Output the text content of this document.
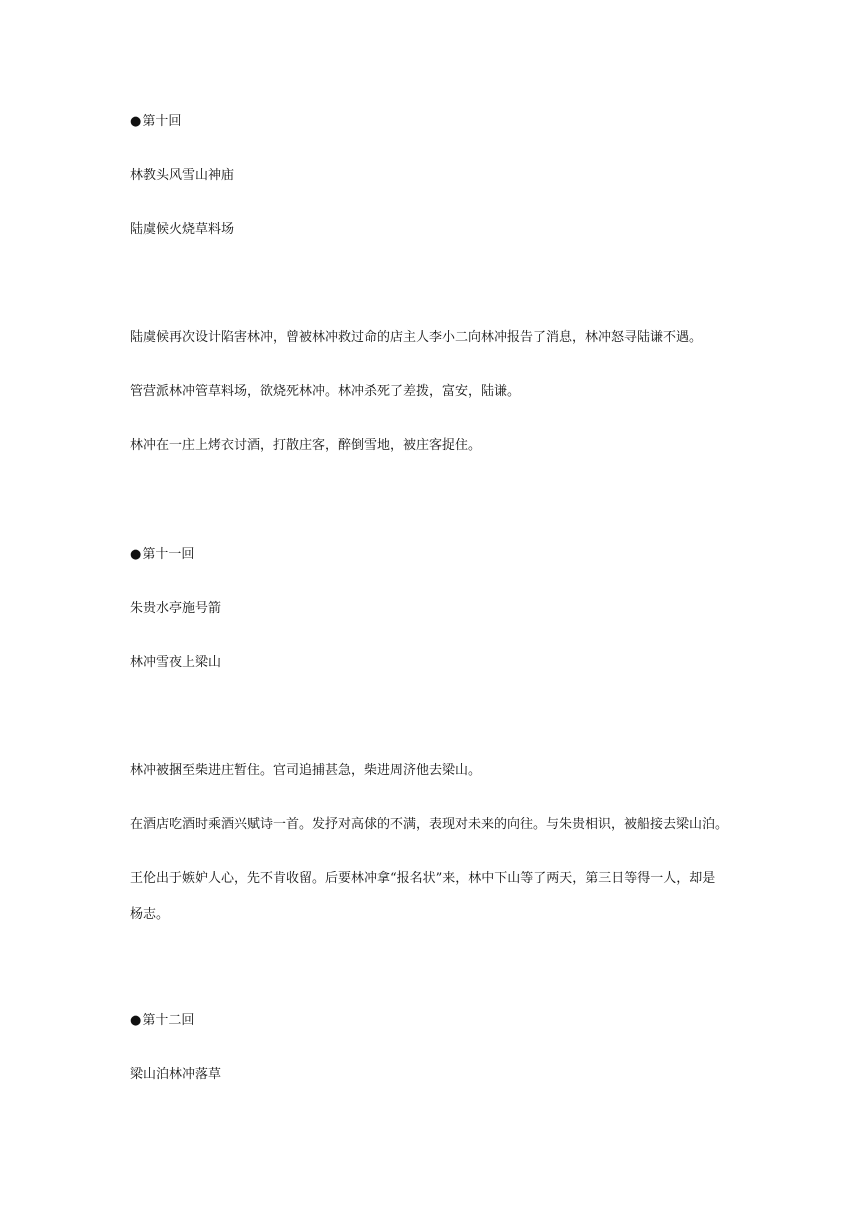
● 第十回

林教头风雪山神庙

陆虞候火烧草料场

陆虞候再次设计陷害林冲，曾被林冲救过命的店主人李小二向林冲报告了消息，林冲怒寻陆谦不遇。

管营派林冲管草料场，欲烧死林冲。林冲杀死了差拨，富安，陆谦。

林冲在一庄上烤衣讨酒，打散庄客，醉倒雪地，被庄客捉住。

● 第十一回

朱贵水亭施号箭

林冲雪夜上梁山

林冲被捆至柴进庄暂住。官司追捕甚急，柴进周济他去梁山。

在酒店吃酒时乘酒兴赋诗一首。发抒对高俅的不满，表现对未来的向往。与朱贵相识，被船接去梁山泊。

王伦出于嫉妒人心，先不肯收留。后要林冲拿“报名状”来，林中下山等了两天，第三日等得一人，却是

杨志。

● 第十二回

梁山泊林冲落草
